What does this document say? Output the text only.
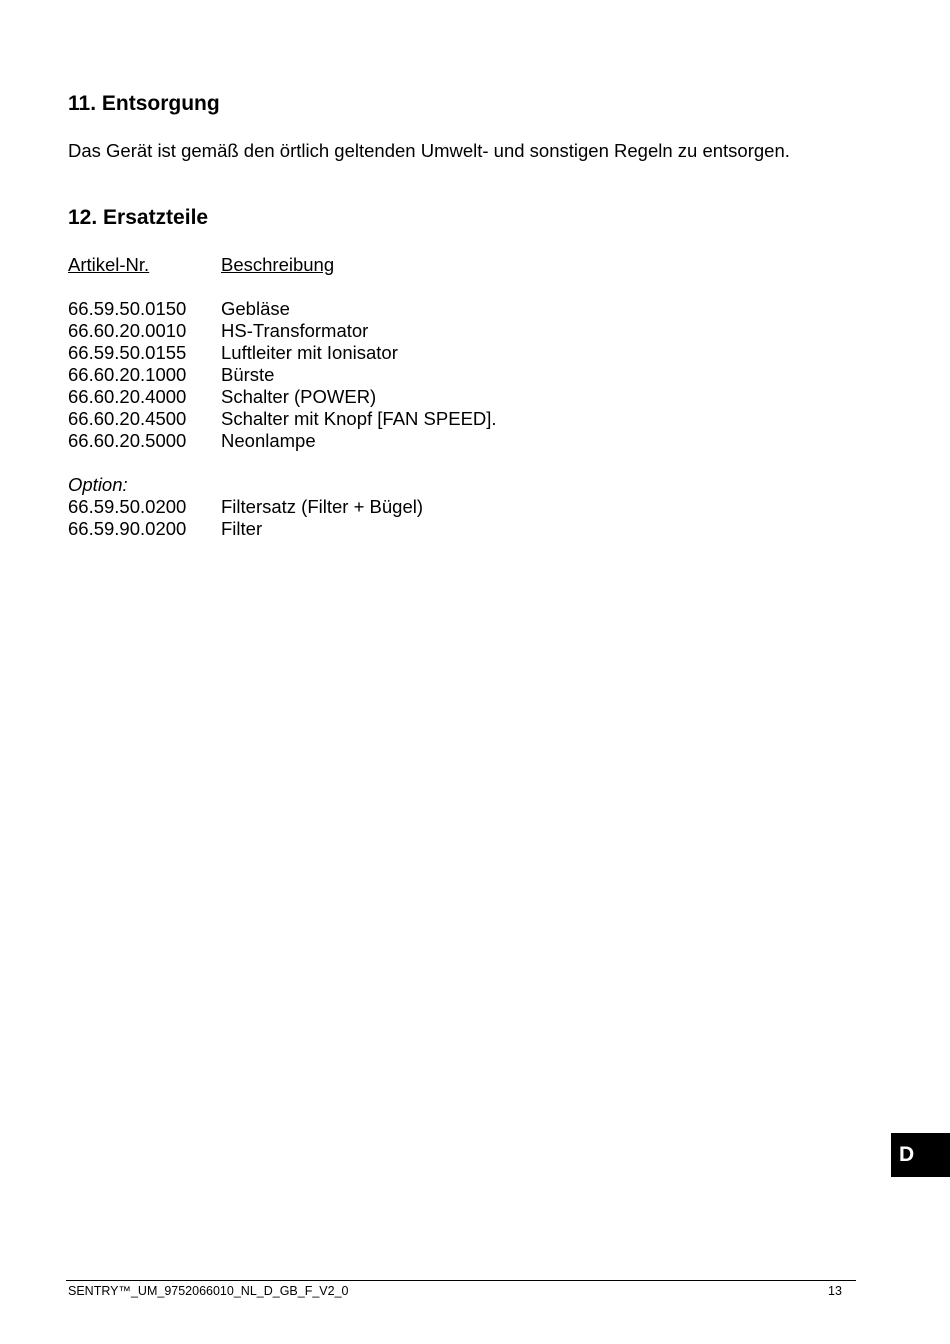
11. Entsorgung
Das Gerät ist gemäß den örtlich geltenden Umwelt- und sonstigen Regeln zu entsorgen.
12. Ersatzteile
Artikel-Nr.	Beschreibung
66.59.50.0150	Gebläse
66.60.20.0010	HS-Transformator
66.59.50.0155	Luftleiter mit Ionisator
66.60.20.1000	Bürste
66.60.20.4000	Schalter (POWER)
66.60.20.4500	Schalter mit Knopf [FAN SPEED].
66.60.20.5000	Neonlampe
Option:
66.59.50.0200	Filtersatz (Filter + Bügel)
66.59.90.0200	Filter
D
SENTRY™_UM_9752066010_NL_D_GB_F_V2_0	13
